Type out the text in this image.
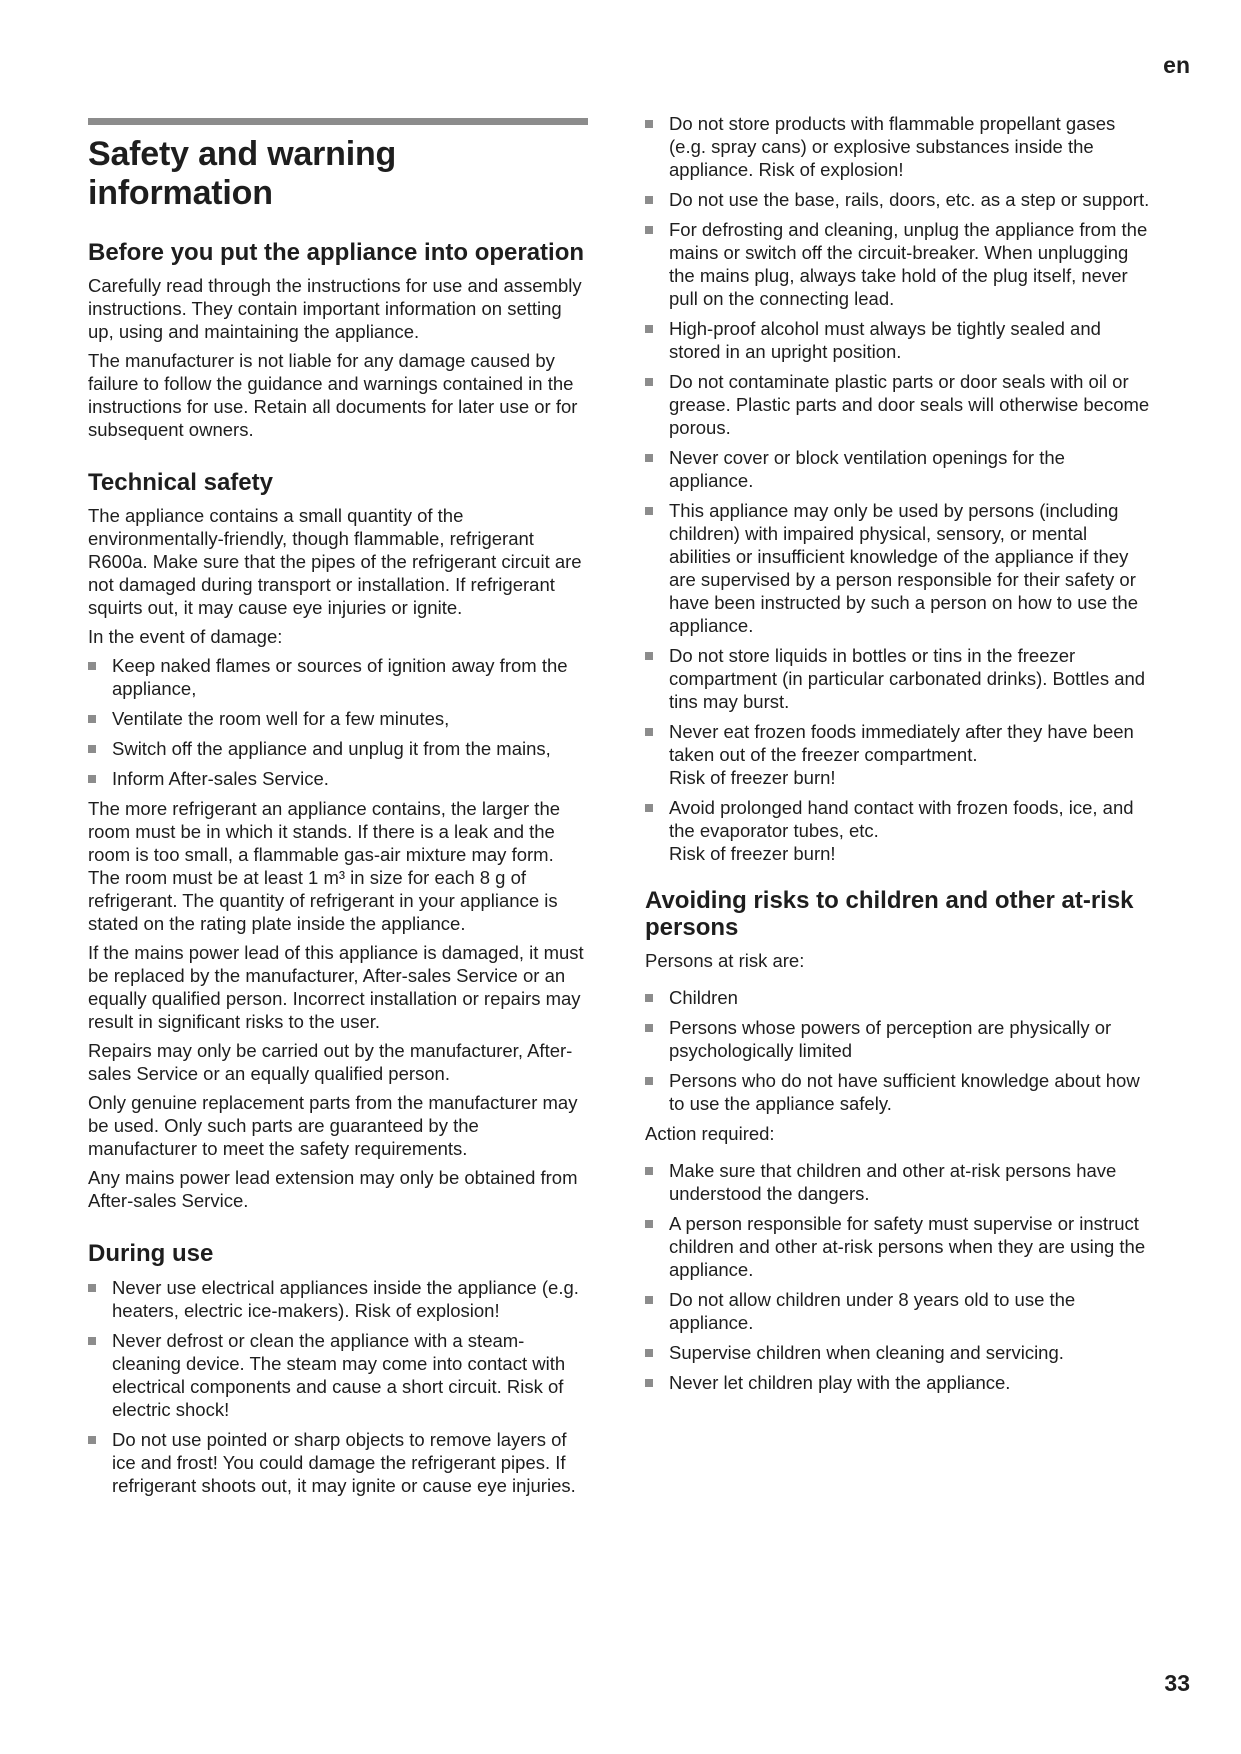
en
Safety and warning information
Before you put the appliance into operation

Carefully read through the instructions for use and assembly instructions. They contain important information on setting up, using and maintaining the appliance.

The manufacturer is not liable for any damage caused by failure to follow the guidance and warnings contained in the instructions for use. Retain all documents for later use or for subsequent owners.

Technical safety

The appliance contains a small quantity of the environmentally-friendly, though flammable, refrigerant R600a. Make sure that the pipes of the refrigerant circuit are not damaged during transport or installation. If refrigerant squirts out, it may cause eye injuries or ignite.

In the event of damage:

Keep naked flames or sources of ignition away from the appliance,
Ventilate the room well for a few minutes,
Switch off the appliance and unplug it from the mains,
Inform After-sales Service.

The more refrigerant an appliance contains, the larger the room must be in which it stands. If there is a leak and the room is too small, a flammable gas-air mixture may form.
The room must be at least 1 m³ in size for each 8 g of refrigerant. The quantity of refrigerant in your appliance is stated on the rating plate inside the appliance.

If the mains power lead of this appliance is damaged, it must be replaced by the manufacturer, After-sales Service or an equally qualified person. Incorrect installation or repairs may result in significant risks to the user.

Repairs may only be carried out by the manufacturer, After-sales Service or an equally qualified person.

Only genuine replacement parts from the manufacturer may be used. Only such parts are guaranteed by the manufacturer to meet the safety requirements.

Any mains power lead extension may only be obtained from After-sales Service.

During use
Never use electrical appliances inside the appliance (e.g. heaters, electric ice-makers). Risk of explosion!
Never defrost or clean the appliance with a steam-cleaning device. The steam may come into contact with electrical components and cause a short circuit. Risk of electric shock!
Do not use pointed or sharp objects to remove layers of ice and frost! You could damage the refrigerant pipes. If refrigerant shoots out, it may ignite or cause eye injuries.
Do not store products with flammable propellant gases (e.g. spray cans) or explosive substances inside the appliance. Risk of explosion!
Do not use the base, rails, doors, etc. as a step or support.
For defrosting and cleaning, unplug the appliance from the mains or switch off the circuit-breaker. When unplugging the mains plug, always take hold of the plug itself, never pull on the connecting lead.
High-proof alcohol must always be tightly sealed and stored in an upright position.
Do not contaminate plastic parts or door seals with oil or grease. Plastic parts and door seals will otherwise become porous.
Never cover or block ventilation openings for the appliance.
This appliance may only be used by persons (including children) with impaired physical, sensory, or mental abilities or insufficient knowledge of the appliance if they are supervised by a person responsible for their safety or have been instructed by such a person on how to use the appliance.
Do not store liquids in bottles or tins in the freezer compartment (in particular carbonated drinks). Bottles and tins may burst.
Never eat frozen foods immediately after they have been taken out of the freezer compartment.
Risk of freezer burn!
Avoid prolonged hand contact with frozen foods, ice, and the evaporator tubes, etc.
Risk of freezer burn!
Avoiding risks to children and other at-risk persons

Persons at risk are:

Children
Persons whose powers of perception are physically or psychologically limited
Persons who do not have sufficient knowledge about how to use the appliance safely.

Action required:

Make sure that children and other at-risk persons have understood the dangers.
A person responsible for safety must supervise or instruct children and other at-risk persons when they are using the appliance.
Do not allow children under 8 years old to use the appliance.
Supervise children when cleaning and servicing.
Never let children play with the appliance.
33
